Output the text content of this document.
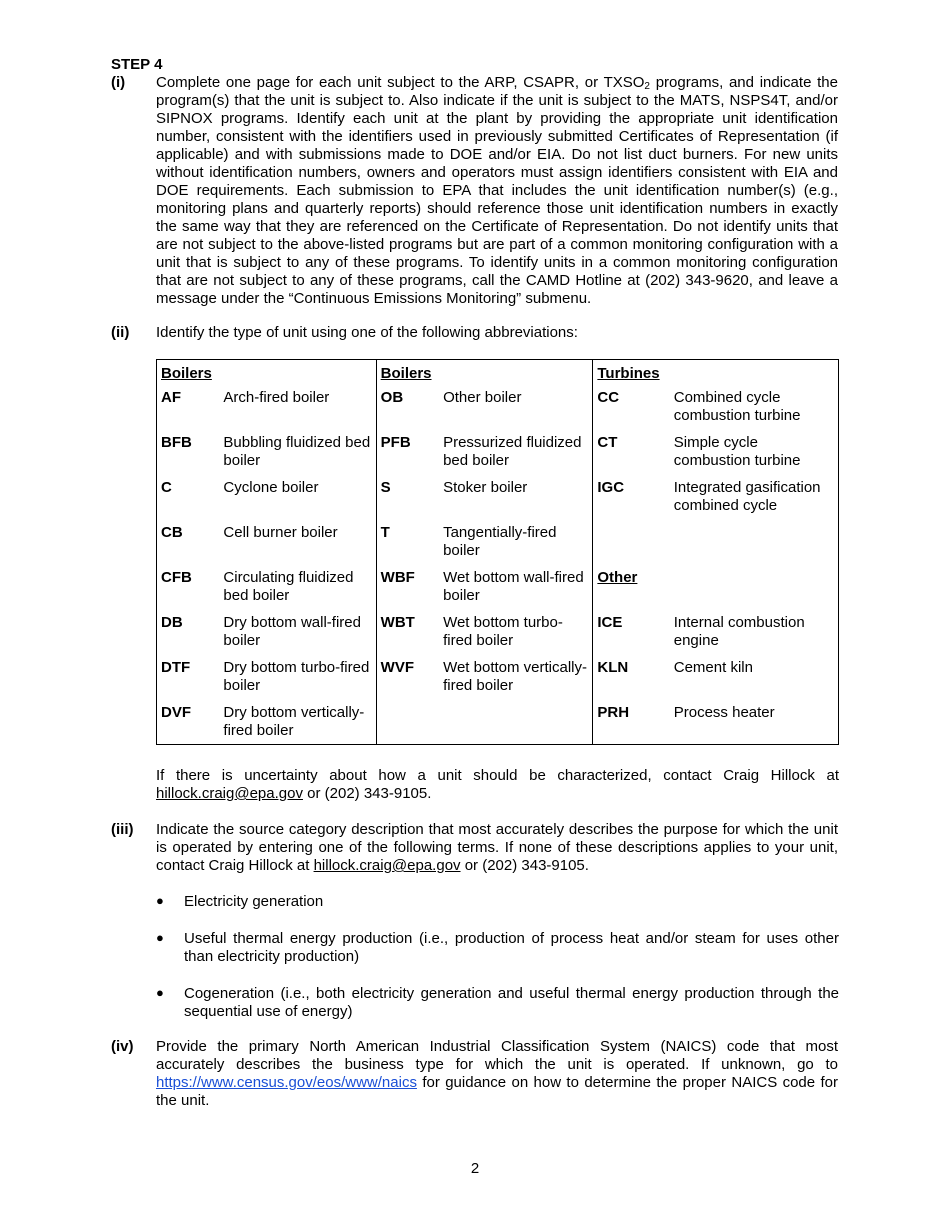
STEP 4
(i) Complete one page for each unit subject to the ARP, CSAPR, or $TXSO_2$ programs, and indicate the program(s) that the unit is subject to. Also indicate if the unit is subject to the MATS, NSPS4T, and/or SIPNOX programs. Identify each unit at the plant by providing the appropriate unit identification number, consistent with the identifiers used in previously submitted Certificates of Representation (if applicable) and with submissions made to DOE and/or EIA. Do not list duct burners. For new units without identification numbers, owners and operators must assign identifiers consistent with EIA and DOE requirements. Each submission to EPA that includes the unit identification number(s) (e.g., monitoring plans and quarterly reports) should reference those unit identification numbers in exactly the same way that they are referenced on the Certificate of Representation. Do not identify units that are not subject to the above-listed programs but are part of a common monitoring configuration with a unit that is subject to any of these programs. To identify units in a common monitoring configuration that are not subject to any of these programs, call the CAMD Hotline at (202) 343-9620, and leave a message under the “Continuous Emissions Monitoring” submenu.
(ii) Identify the type of unit using one of the following abbreviations:
Boilers		Boilers		Turbines	
AF	Arch-fired boiler	OB	Other boiler	CC	Combined cycle combustion turbine
BFB	Bubbling fluidized bed boiler	PFB	Pressurized fluidized bed boiler	CT	Simple cycle combustion turbine
C	Cyclone boiler	S	Stoker boiler	IGC	Integrated gasification combined cycle
CB	Cell burner boiler	T	Tangentially-fired boiler		
CFB	Circulating fluidized bed boiler	WBF	Wet bottom wall-fired boiler	Other	
DB	Dry bottom wall-fired boiler	WBT	Wet bottom turbo-fired boiler	ICE	Internal combustion engine
DTF	Dry bottom turbo-fired boiler	WVF	Wet bottom vertically-fired boiler	KLN	Cement kiln
DVF	Dry bottom vertically-fired boiler			PRH	Process heater
If there is uncertainty about how a unit should be characterized, contact Craig Hillock at hillock.craig@epa.gov or (202) 343-9105.
(iii) Indicate the source category description that most accurately describes the purpose for which the unit is operated by entering one of the following terms. If none of these descriptions applies to your unit, contact Craig Hillock at hillock.craig@epa.gov or (202) 343-9105.
● Electricity generation
● Useful thermal energy production (i.e., production of process heat and/or steam for uses other than electricity production)
● Cogeneration (i.e., both electricity generation and useful thermal energy production through the sequential use of energy)
(iv) Provide the primary North American Industrial Classification System (NAICS) code that most accurately describes the business type for which the unit is operated. If unknown, go to https://www.census.gov/eos/www/naics for guidance on how to determine the proper NAICS code for the unit.
2
